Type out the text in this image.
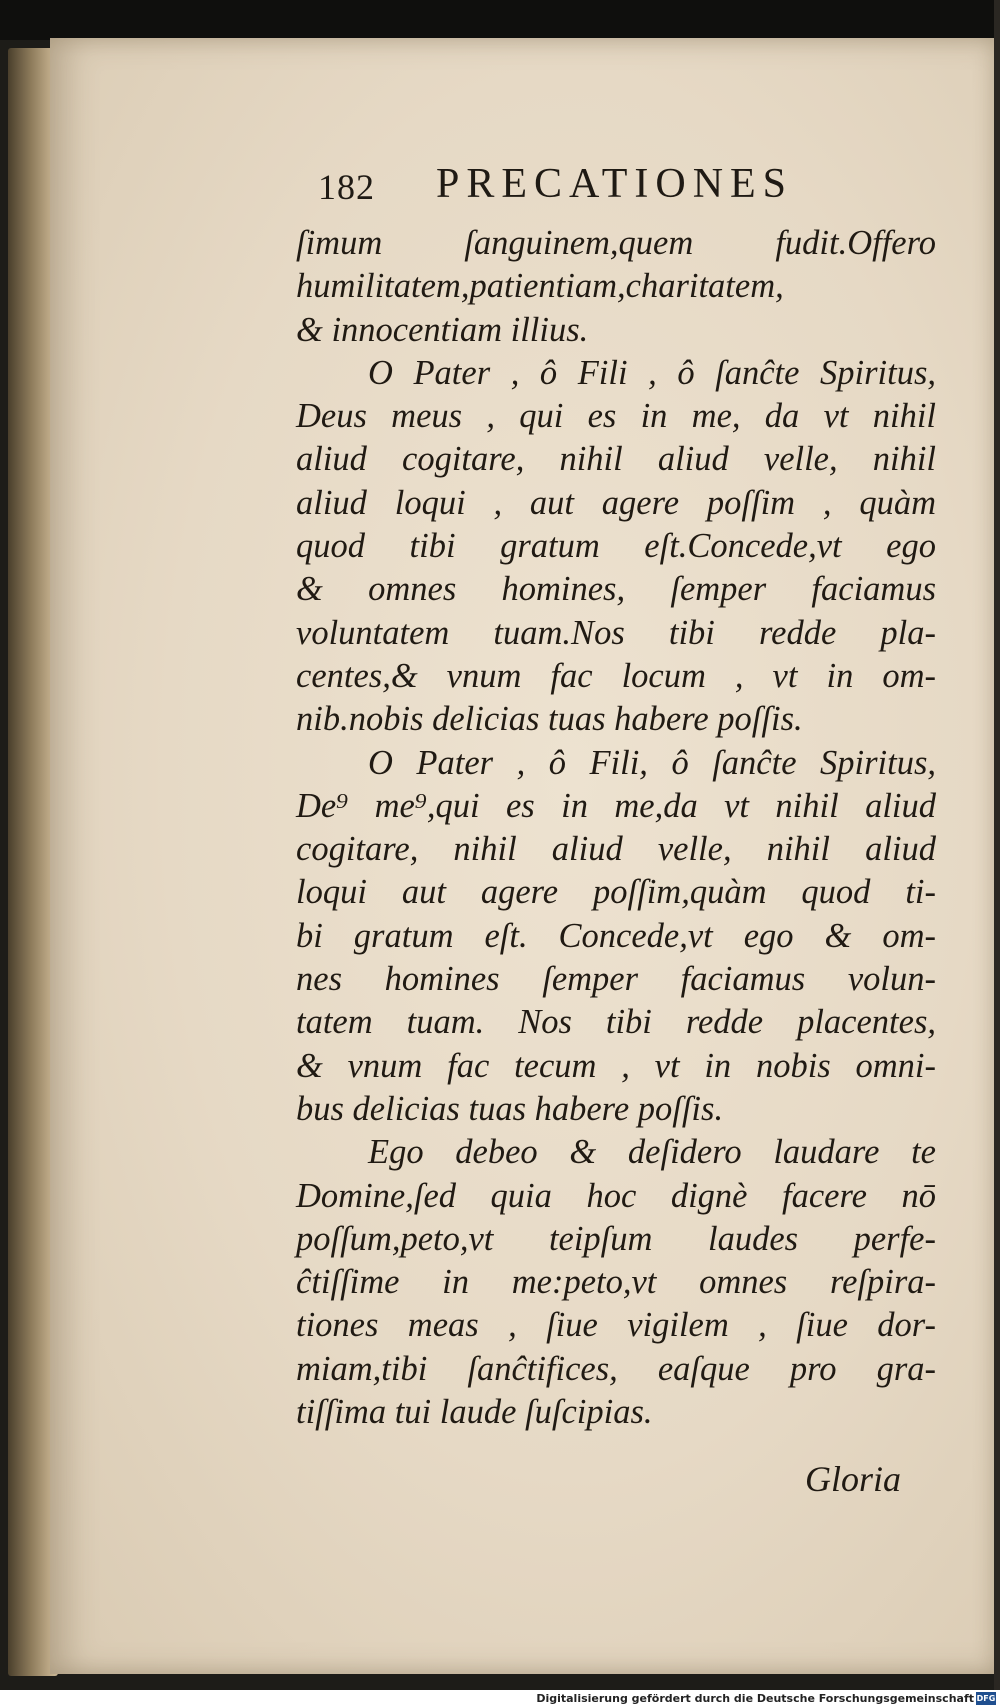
182 PRECATIONES
ſimum ſanguinem,quem fudit.Offero
humilitatem,patientiam,charitatem,
& innocentiam illius.
O Pater , ô Fili , ô ſanĉte Spiritus,
Deus meus , qui es in me, da vt nihil
aliud cogitare, nihil aliud velle, nihil
aliud loqui , aut agere poſſim , quàm
quod tibi gratum eſt.Concede,vt ego
& omnes homines, ſemper faciamus
voluntatem tuam.Nos tibi redde pla-
centes,& vnum fac locum , vt in om-
nib.nobis delicias tuas habere poſſis.
O Pater , ô Fili, ô ſanĉte Spiritus,
De⁹ me⁹,qui es in me,da vt nihil aliud
cogitare, nihil aliud velle, nihil aliud
loqui aut agere poſſim,quàm quod ti-
bi gratum eſt. Concede,vt ego & om-
nes homines ſemper faciamus volun-
tatem tuam. Nos tibi redde placentes,
& vnum fac tecum , vt in nobis omni-
bus delicias tuas habere poſſis.
Ego debeo & deſidero laudare te
Domine,ſed quia hoc dignè facere nō
poſſum,peto,vt teipſum laudes perfe-
ĉtiſſime in me:peto,vt omnes reſpira-
tiones meas , ſiue vigilem , ſiue dor-
miam,tibi ſanĉtifices, eaſque pro gra-
tiſſima tui laude ſuſcipias.
Gloria
Digitalisierung gefördert durch die Deutsche Forschungsgemeinschaft DFG
